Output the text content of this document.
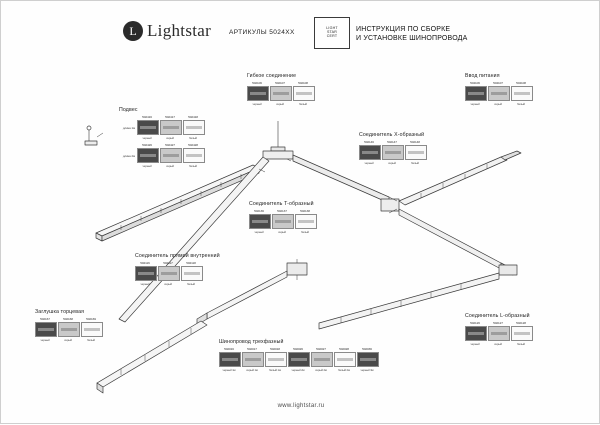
L Lightstar	АРТИКУЛЫ 5024XX
LIGHT
STAR
CERT
ИНСТРУКЦИЯ ПО СБОРКЕ
И УСТАНОВКЕ ШИНОПРОВОДА
Подвес
длина 1м
502416
черный
502417
серый
502418
белый
длина 2м
502426
черный
502427
серый
502428
белый
Гибкое соединение
502106
черный
502107
серый
502108
белый
Ввод питания
504106
черный
504107
серый
504108
белый
Соединитель X-образный
502146
черный
502147
серый
502148
белый
Соединитель T-образный
502136
черный
502137
серый
502138
белый
Соединитель прямой внутренний
502116
черный
502117
серый
502118
белый
Заглушка торцевая
502167
черный
502168
серый
502169
белый	Шинопровод трехфазный
502016
черный 1м
502017
серый 1м
502018
белый 1м
502026
черный 2м
502027
серый 2м
502028
белый 2м
502036
черный 3м
Соединитель L-образный
502126
черный
502127
серый
502128
белый
www.lightstar.ru
